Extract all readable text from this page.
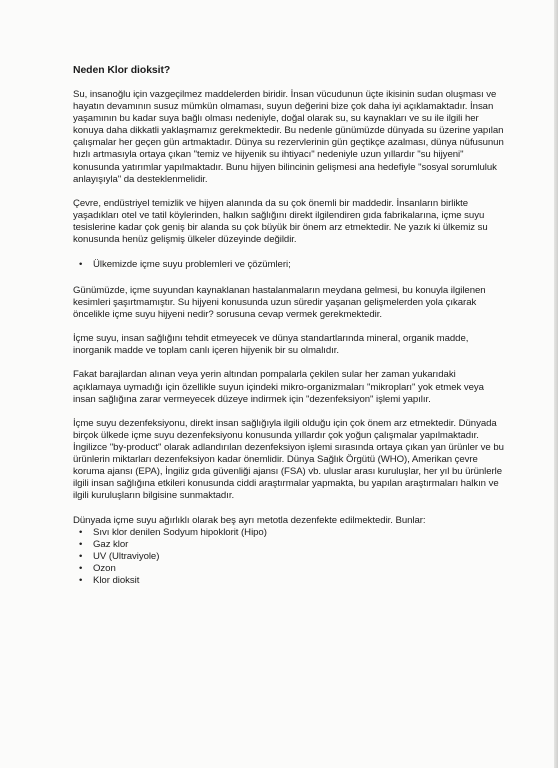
Neden Klor dioksit?

Su, insanoğlu için vazgeçilmez maddelerden biridir. İnsan vücudunun üçte ikisinin sudan oluşması ve hayatın devamının susuz mümkün olmaması, suyun değerini bize çok daha iyi açıklamaktadır. İnsan yaşamının bu kadar suya bağlı olması nedeniyle, doğal olarak su, su kaynakları ve su ile ilgili her konuya daha dikkatli yaklaşmamız gerekmektedir. Bu nedenle günümüzde dünyada su üzerine yapılan çalışmalar her geçen gün artmaktadır. Dünya su rezervlerinin gün geçtikçe azalması, dünya nüfusunun hızlı artmasıyla ortaya çıkan "temiz ve hijyenik su ihtiyacı" nedeniyle uzun yıllardır "su hijyeni" konusunda yatırımlar yapılmaktadır. Bunu hijyen bilincinin gelişmesi ana hedefiyle "sosyal sorumluluk anlayışıyla" da desteklenmelidir.

Çevre, endüstriyel temizlik ve hijyen alanında da su çok önemli bir maddedir. İnsanların birlikte yaşadıkları otel ve tatil köylerinden, halkın sağlığını direkt ilgilendiren gıda fabrikalarına, içme suyu tesislerine kadar çok geniş bir alanda su çok büyük bir önem arz etmektedir. Ne yazık ki ülkemiz su konusunda henüz gelişmiş ülkeler düzeyinde değildir.

• Ülkemizde içme suyu problemleri ve çözümleri;

Günümüzde, içme suyundan kaynaklanan hastalanmaların meydana gelmesi, bu konuyla ilgilenen kesimleri şaşırtmamıştır. Su hijyeni konusunda uzun süredir yaşanan gelişmelerden yola çıkarak öncelikle içme suyu hijyeni nedir? sorusuna cevap vermek gerekmektedir.

İçme suyu, insan sağlığını tehdit etmeyecek ve dünya standartlarında mineral, organik madde, inorganik madde ve toplam canlı içeren hijyenik bir su olmalıdır.

Fakat barajlardan alınan veya yerin altından pompalarla çekilen sular her zaman yukarıdaki açıklamaya uymadığı için özellikle suyun içindeki mikro-organizmaları "mikropları" yok etmek veya insan sağlığına zarar vermeyecek düzeye indirmek için "dezenfeksiyon" işlemi yapılır.

İçme suyu dezenfeksiyonu, direkt insan sağlığıyla ilgili olduğu için çok önem arz etmektedir. Dünyada birçok ülkede içme suyu dezenfeksiyonu konusunda yıllardır çok yoğun çalışmalar yapılmaktadır. İngilizce "by-product" olarak adlandırılan dezenfeksiyon işlemi sırasında ortaya çıkan yan ürünler ve bu ürünlerin miktarları dezenfeksiyon kadar önemlidir. Dünya Sağlık Örgütü (WHO), Amerikan çevre koruma ajansı (EPA), İngiliz gıda güvenliği ajansı (FSA) vb. uluslar arası kuruluşlar, her yıl bu ürünlerle ilgili insan sağlığına etkileri konusunda ciddi araştırmalar yapmakta, bu yapılan araştırmaları halkın ve ilgili kuruluşların bilgisine sunmaktadır.

Dünyada içme suyu ağırlıklı olarak beş ayrı metotla dezenfekte edilmektedir. Bunlar:

• Sıvı klor denilen Sodyum hipoklorit (Hipo)
• Gaz klor
• UV (Ultraviyole)
• Ozon
• Klor dioksit
